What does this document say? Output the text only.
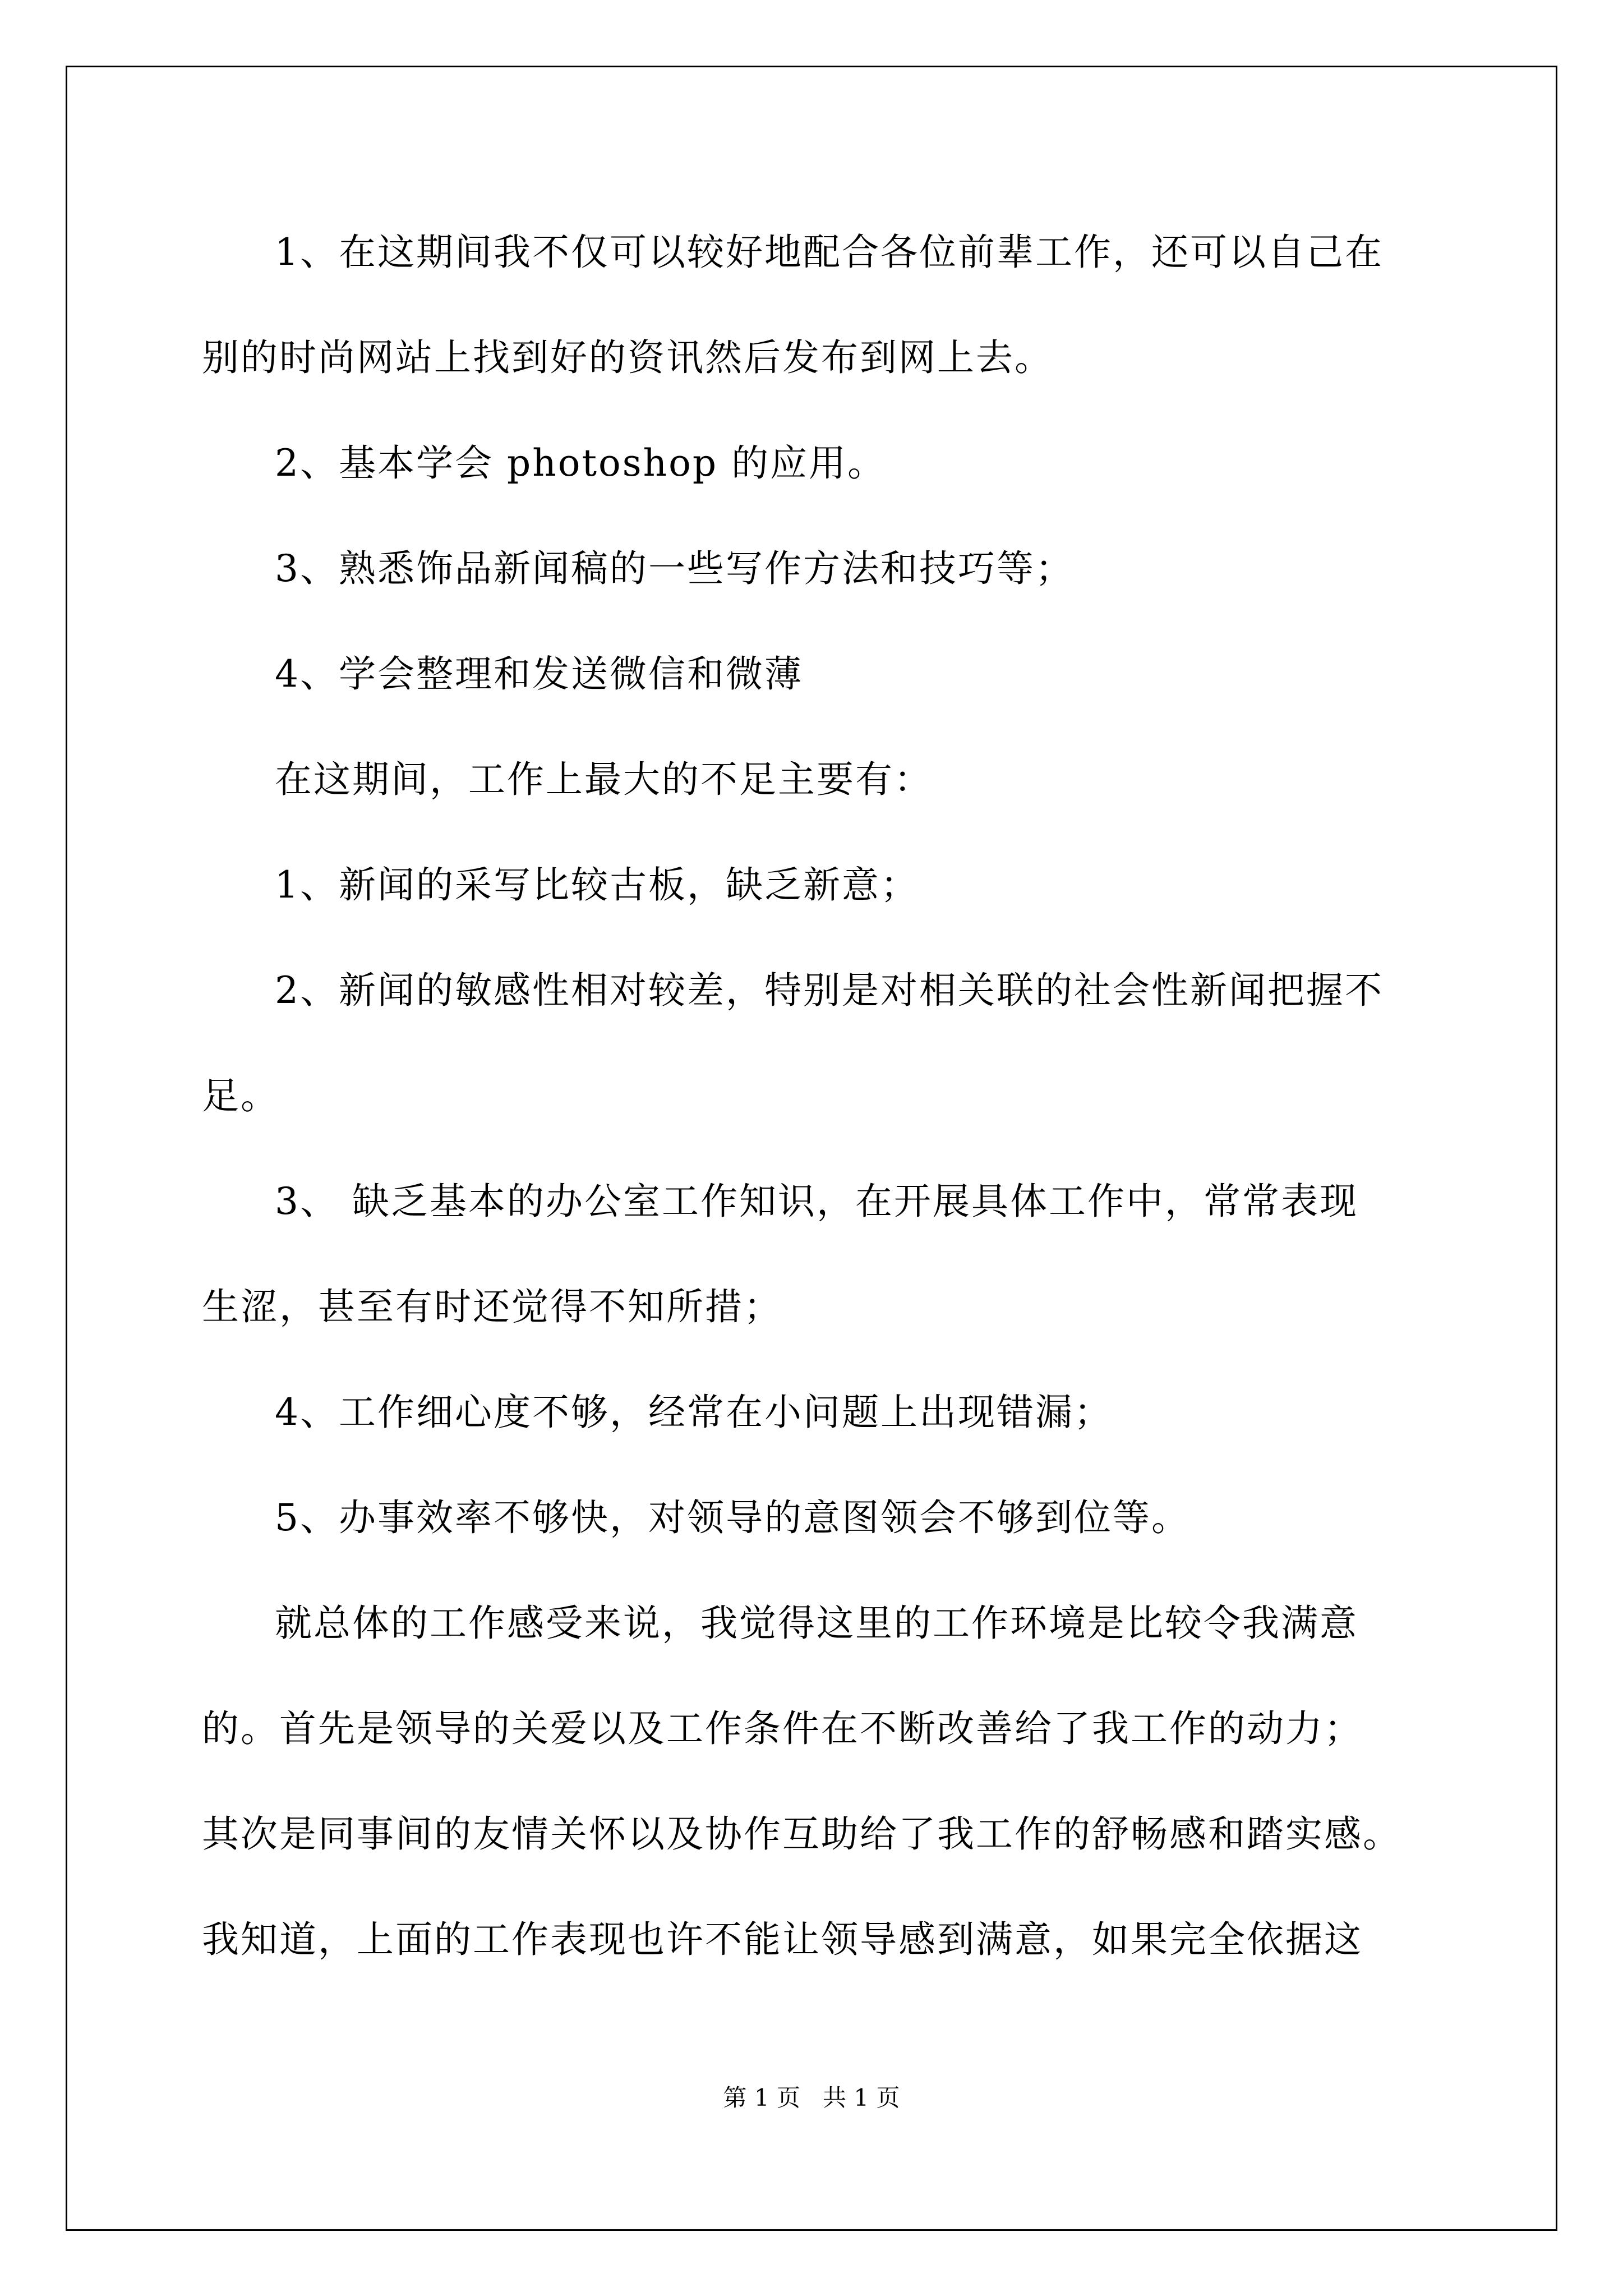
1、在这期间我不仅可以较好地配合各位前辈工作，还可以自己在
别的时尚网站上找到好的资讯然后发布到网上去。
2、基本学会 photoshop 的应用。
3、熟悉饰品新闻稿的一些写作方法和技巧等；
4、学会整理和发送微信和微薄
在这期间，工作上最大的不足主要有：
1、新闻的采写比较古板，缺乏新意；
2、新闻的敏感性相对较差，特别是对相关联的社会性新闻把握不
足。
3、 缺乏基本的办公室工作知识，在开展具体工作中，常常表现
生涩，甚至有时还觉得不知所措；
4、工作细心度不够，经常在小问题上出现错漏；
5、办事效率不够快，对领导的意图领会不够到位等。
就总体的工作感受来说，我觉得这里的工作环境是比较令我满意
的。首先是领导的关爱以及工作条件在不断改善给了我工作的动力；
其次是同事间的友情关怀以及协作互助给了我工作的舒畅感和踏实感。
我知道，上面的工作表现也许不能让领导感到满意，如果完全依据这
第 1 页   共 1 页
